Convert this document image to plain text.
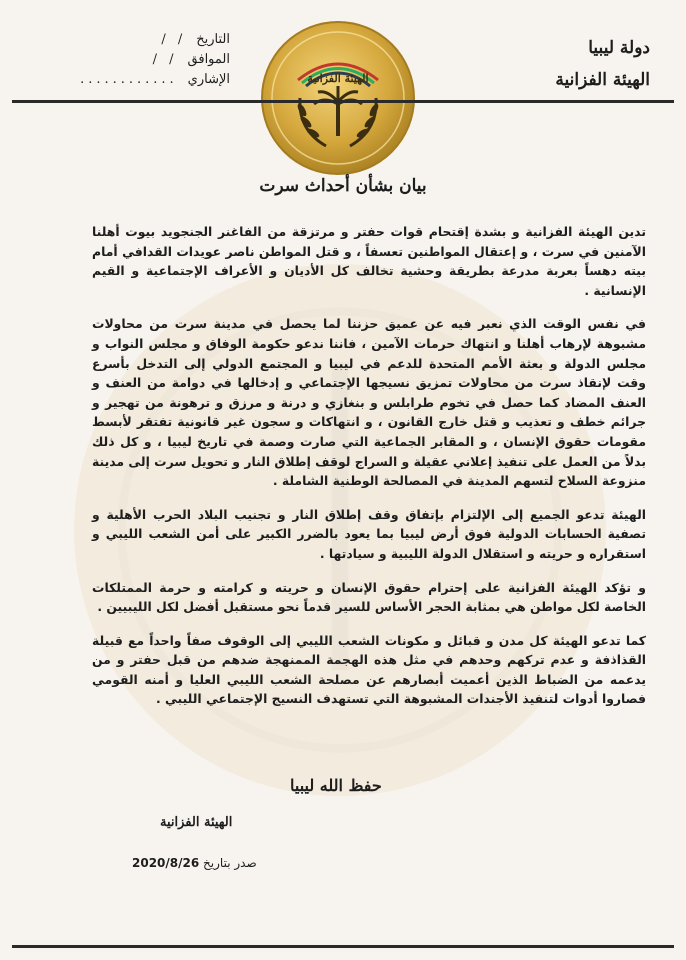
دولة ليبيا
الهيئة الفزانية
التاريخ
/ /
الموافق
/ /
الإشاري
............	الهيئة الفزانية
بيان بشأن أحداث سرت

تدين الهيئة الفزانية و بشدة إقتحام قوات حفتر و مرتزقة من الفاغنر الجنجويد بيوت أهلنا الآمنين في سرت ، و إعتقال المواطنين تعسفاً ، و قتل المواطن ناصر عويدات القدافي أمام بيته دهساً بعربة مدرعة بطريقة وحشية تخالف كل الأديان و الأعراف الإجتماعية و القيم الإنسانية .

في نفس الوقت الذي نعبر فيه عن عميق حزننا لما يحصل في مدينة سرت من محاولات مشبوهة لإرهاب أهلنا و انتهاك حرمات الآمين ، فاننا ندعو حكومة الوفاق و مجلس النواب و مجلس الدولة و بعثة الأمم المتحدة للدعم في ليبيا و المجتمع الدولي إلى التدخل بأسرع وقت لإنقاذ سرت من محاولات تمزيق نسيجها الإجتماعي و إدخالها في دوامة من العنف و العنف المضاد كما حصل في تخوم طرابلس و بنغازي و درنة و مرزق و ترهونة من تهجير و جرائم خطف و تعذيب و قتل خارج القانون ، و انتهاكات و سجون غير قانونية تفتقر لأبسط مقومات حقوق الإنسان ، و المقابر الجماعية التي صارت وصمة في تاريخ ليبيا ، و كل ذلك بدلاً من العمل على تنفيذ إعلاني عقيلة و السراج لوقف إطلاق النار و تحويل سرت إلى مدينة منزوعة السلاح لتسهم المدينة في المصالحة الوطنية الشاملة .

الهيئة تدعو الجميع إلى الإلتزام بإتفاق وقف إطلاق النار و تجنيب البلاد الحرب الأهلية و تصفية الحسابات الدولية فوق أرض ليبيا بما يعود بالضرر الكبير على أمن الشعب الليبي و استقراره و حريته و استقلال الدولة الليبية و سيادتها .

و تؤكد الهيئة الفزانية على إحترام حقوق الإنسان و حريته و كرامته و حرمة الممتلكات الخاصة لكل مواطن هي بمثابة الحجر الأساس للسير قدماً نحو مستقبل أفضل لكل الليبيين .

كما تدعو الهيئة كل مدن و قبائل و مكونات الشعب الليبي إلى الوقوف صفاً واحداً مع قبيلة القذاذفة و عدم تركهم وحدهم في مثل هذه الهجمة الممنهجة ضدهم من قبل حفتر و من يدعمه من الضباط الذين أعميت أبصارهم عن مصلحة الشعب الليبي العليا و أمنه القومي فصاروا أدوات لتنفيذ الأجندات المشبوهة التي تستهدف النسيج الإجتماعي الليبي .

حفظ الله ليبيا
الهيئة الفزانية
صدر بتاريخ 2020/8/26
